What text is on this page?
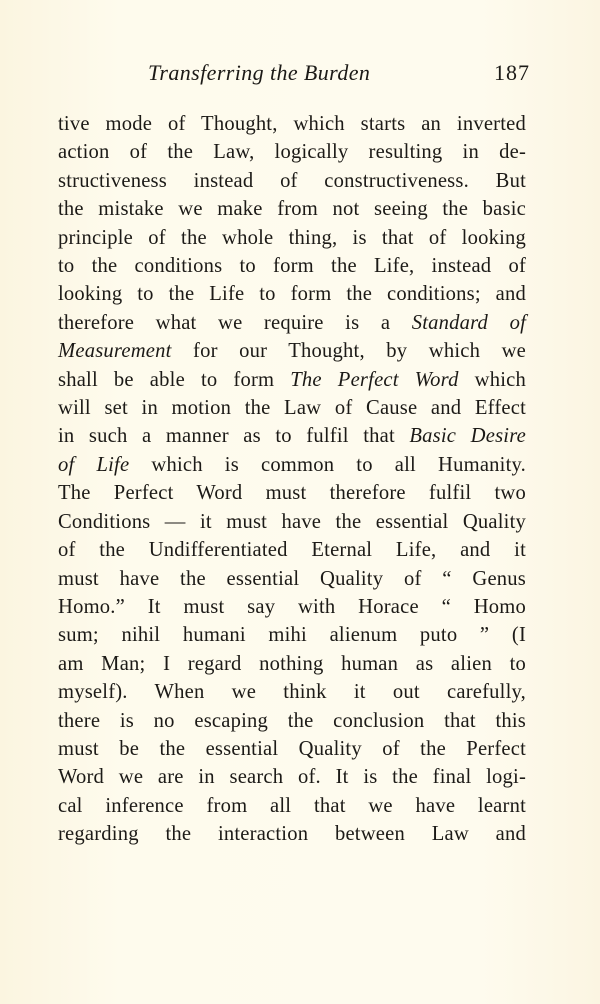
Transferring the Burden	187
tive mode of Thought, which starts an inverted
action of the Law, logically resulting in de-
structiveness instead of constructiveness. But
the mistake we make from not seeing the basic
principle of the whole thing, is that of looking
to the conditions to form the Life, instead of
looking to the Life to form the conditions; and
therefore what we require is a Standard of
Measurement for our Thought, by which we
shall be able to form The Perfect Word which
will set in motion the Law of Cause and Effect
in such a manner as to fulfil that Basic Desire
of Life which is common to all Humanity.
The Perfect Word must therefore fulfil two
Conditions — it must have the essential Quality
of the Undifferentiated Eternal Life, and it
must have the essential Quality of “ Genus
Homo.” It must say with Horace “ Homo
sum; nihil humani mihi alienum puto ” (I
am Man; I regard nothing human as alien to
myself). When we think it out carefully,
there is no escaping the conclusion that this
must be the essential Quality of the Perfect
Word we are in search of. It is the final logi-
cal inference from all that we have learnt
regarding the interaction between Law and
